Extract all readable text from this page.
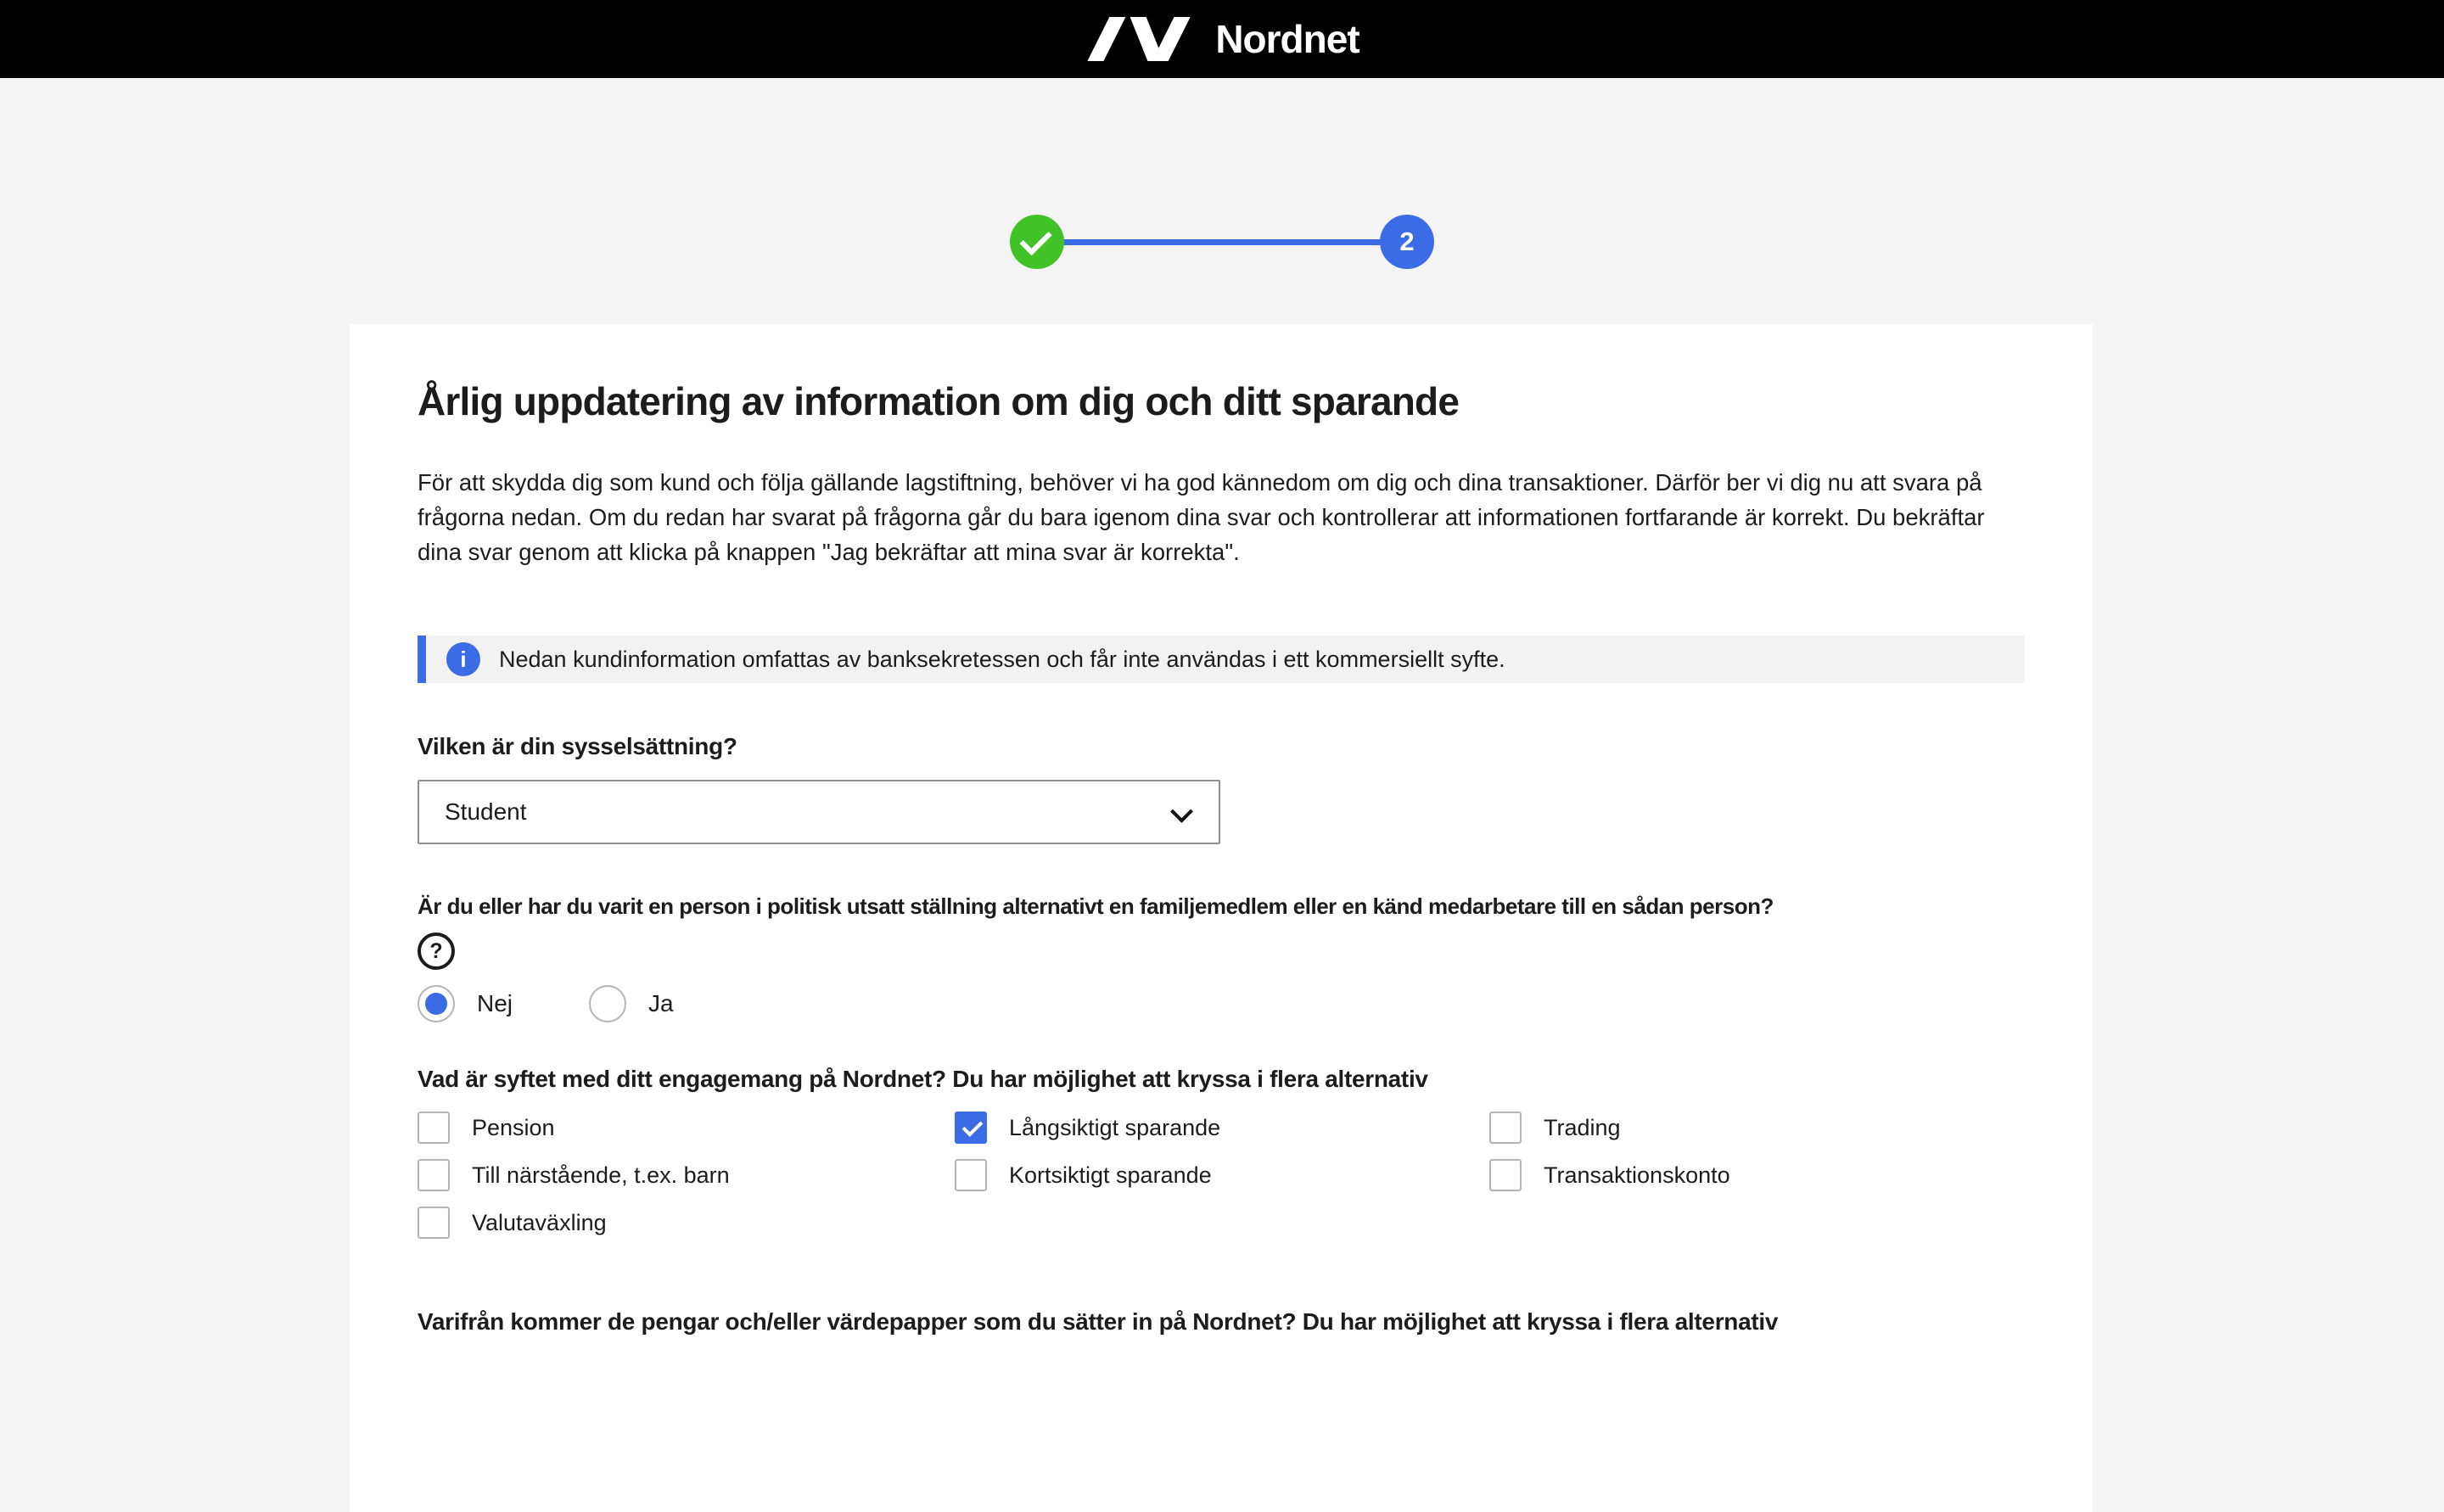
Nordnet
2
Årlig uppdatering av information om dig och ditt sparande

För att skydda dig som kund och följa gällande lagstiftning, behöver vi ha god kännedom om dig och dina transaktioner. Därför ber vi dig nu att svara på frågorna nedan. Om du redan har svarat på frågorna går du bara igenom dina svar och kontrollerar att informationen fortfarande är korrekt. Du bekräftar dina svar genom att klicka på knappen "Jag bekräftar att mina svar är korrekta".

i	Nedan kundinformation omfattas av banksekretessen och får inte användas i ett kommersiellt syfte.
Vilken är din sysselsättning?
Student
Är du eller har du varit en person i politisk utsatt ställning alternativt en familjemedlem eller en känd medarbetare till en sådan person?
?
Nej	Ja
Vad är syftet med ditt engagemang på Nordnet? Du har möjlighet att kryssa i flera alternativ
Pension	Långsiktigt sparande	Trading
Till närstående, t.ex. barn	Kortsiktigt sparande	Transaktionskonto
Valutaväxling
Varifrån kommer de pengar och/eller värdepapper som du sätter in på Nordnet? Du har möjlighet att kryssa i flera alternativ
